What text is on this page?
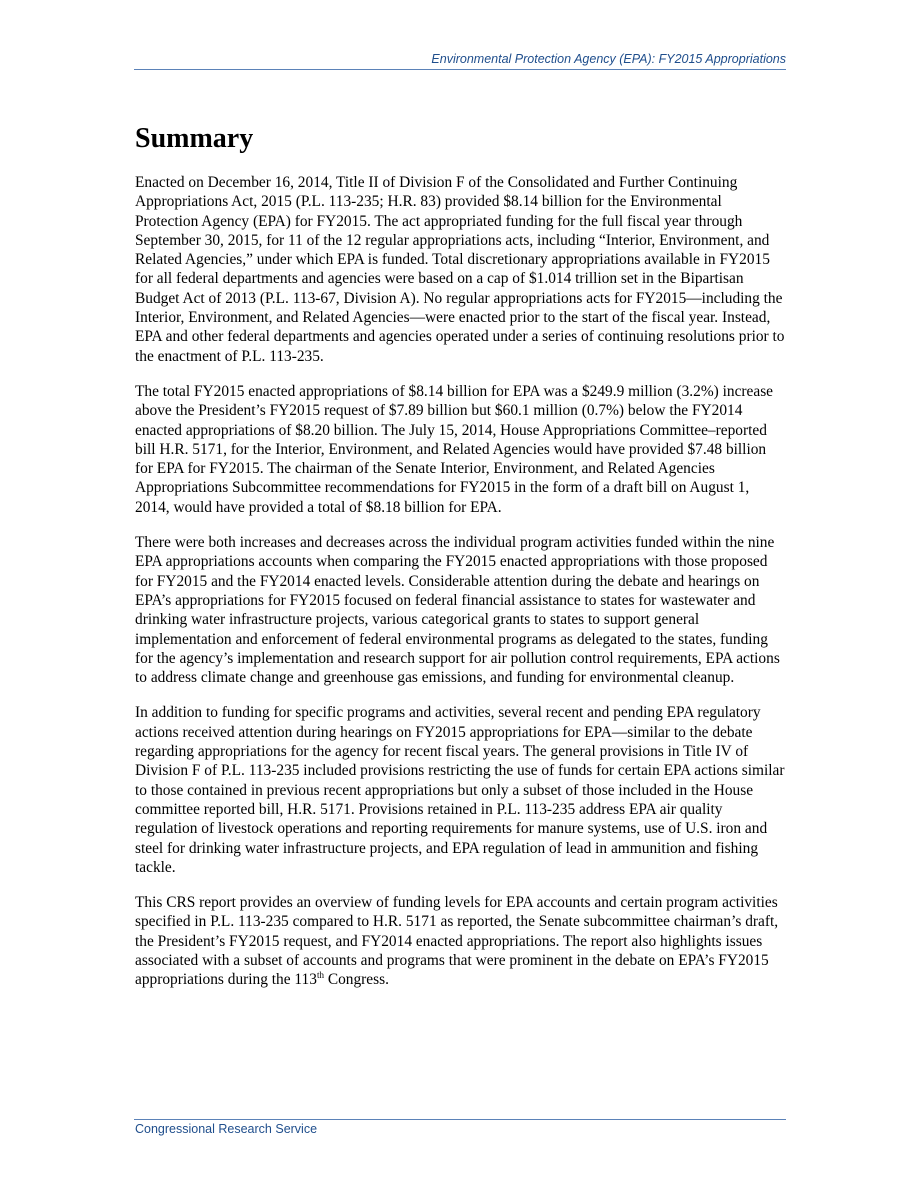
Environmental Protection Agency (EPA): FY2015 Appropriations
Summary

Enacted on December 16, 2014, Title II of Division F of the Consolidated and Further Continuing Appropriations Act, 2015 (P.L. 113-235; H.R. 83) provided $8.14 billion for the Environmental Protection Agency (EPA) for FY2015. The act appropriated funding for the full fiscal year through September 30, 2015, for 11 of the 12 regular appropriations acts, including “Interior, Environment, and Related Agencies,” under which EPA is funded. Total discretionary appropriations available in FY2015 for all federal departments and agencies were based on a cap of $1.014 trillion set in the Bipartisan Budget Act of 2013 (P.L. 113-67, Division A). No regular appropriations acts for FY2015—including the Interior, Environment, and Related Agencies—were enacted prior to the start of the fiscal year. Instead, EPA and other federal departments and agencies operated under a series of continuing resolutions prior to the enactment of P.L. 113-235.

The total FY2015 enacted appropriations of $8.14 billion for EPA was a $249.9 million (3.2%) increase above the President’s FY2015 request of $7.89 billion but $60.1 million (0.7%) below the FY2014 enacted appropriations of $8.20 billion. The July 15, 2014, House Appropriations Committee–reported bill H.R. 5171, for the Interior, Environment, and Related Agencies would have provided $7.48 billion for EPA for FY2015. The chairman of the Senate Interior, Environment, and Related Agencies Appropriations Subcommittee recommendations for FY2015 in the form of a draft bill on August 1, 2014, would have provided a total of $8.18 billion for EPA.

There were both increases and decreases across the individual program activities funded within the nine EPA appropriations accounts when comparing the FY2015 enacted appropriations with those proposed for FY2015 and the FY2014 enacted levels. Considerable attention during the debate and hearings on EPA’s appropriations for FY2015 focused on federal financial assistance to states for wastewater and drinking water infrastructure projects, various categorical grants to states to support general implementation and enforcement of federal environmental programs as delegated to the states, funding for the agency’s implementation and research support for air pollution control requirements, EPA actions to address climate change and greenhouse gas emissions, and funding for environmental cleanup.

In addition to funding for specific programs and activities, several recent and pending EPA regulatory actions received attention during hearings on FY2015 appropriations for EPA—similar to the debate regarding appropriations for the agency for recent fiscal years. The general provisions in Title IV of Division F of P.L. 113-235 included provisions restricting the use of funds for certain EPA actions similar to those contained in previous recent appropriations but only a subset of those included in the House committee reported bill, H.R. 5171. Provisions retained in P.L. 113-235 address EPA air quality regulation of livestock operations and reporting requirements for manure systems, use of U.S. iron and steel for drinking water infrastructure projects, and EPA regulation of lead in ammunition and fishing tackle.

This CRS report provides an overview of funding levels for EPA accounts and certain program activities specified in P.L. 113-235 compared to H.R. 5171 as reported, the Senate subcommittee chairman’s draft, the President’s FY2015 request, and FY2014 enacted appropriations. The report also highlights issues associated with a subset of accounts and programs that were prominent in the debate on EPA’s FY2015 appropriations during the 113th Congress.

Congressional Research Service
